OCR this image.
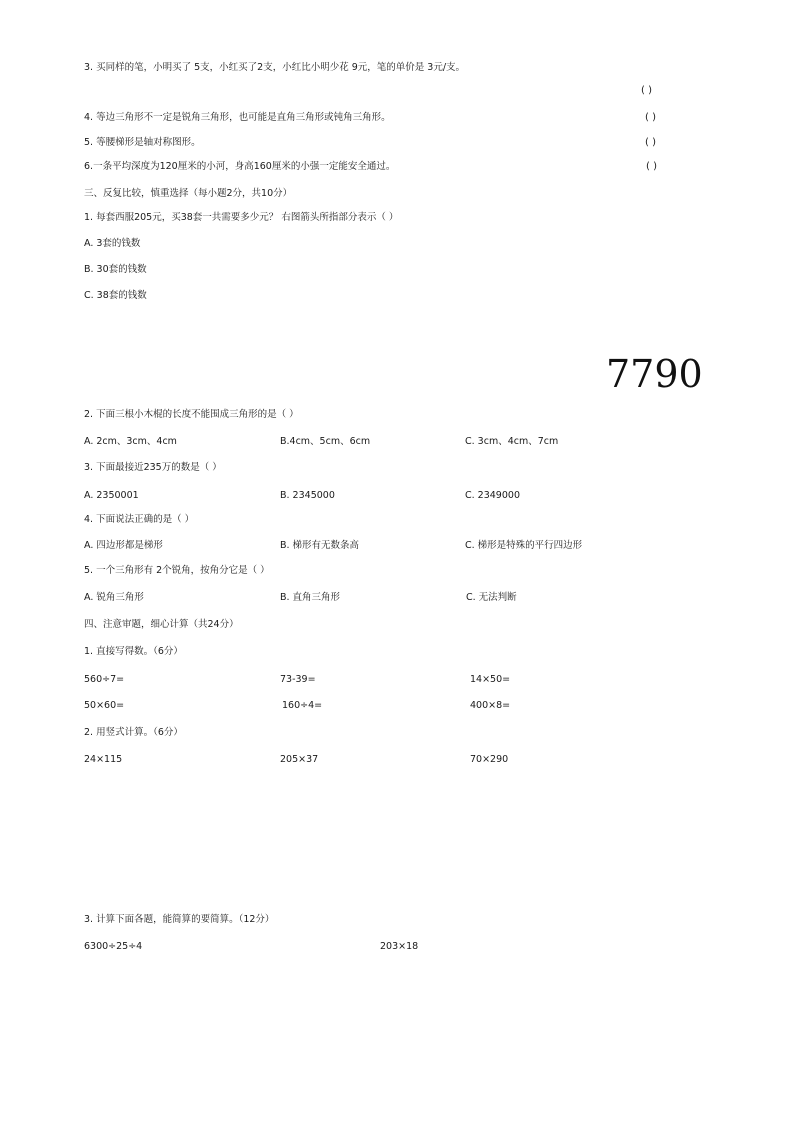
3. 买同样的笔，小明买了 5支，小红买了2支，小红比小明少花 9元，笔的单价是 3元/支。
( )
4. 等边三角形不一定是锐角三角形，也可能是直角三角形或钝角三角形。	( )
5. 等腰梯形是轴对称图形。	( )
6.一条平均深度为120厘米的小河，身高160厘米的小强一定能安全通过。	( )
三、反复比较，慎重选择（每小题2分，共10分）
1. 每套西服205元，买38套一共需要多少元？ 右图箭头所指部分表示（ ）
A. 3套的钱数
B. 30套的钱数
C. 38套的钱数
7790
2. 下面三根小木棍的长度不能围成三角形的是（ ）
A. 2cm、3cm、4cm	B.4cm、5cm、6cm	C. 3cm、4cm、7cm
3. 下面最接近235万的数是（ ）
A. 2350001	B. 2345000	C. 2349000
4. 下面说法正确的是（ ）
A. 四边形都是梯形	B. 梯形有无数条高	C. 梯形是特殊的平行四边形
5. 一个三角形有 2个锐角，按角分它是（ ）
A. 锐角三角形	B. 直角三角形	C. 无法判断
四、注意审题，细心计算（共24分）
1. 直接写得数。（6分）
560÷7=	73-39=	14×50=
50×60=	160÷4=	400×8=
2. 用竖式计算。（6分）
24×115	205×37	70×290
3. 计算下面各题，能简算的要简算。（12分）
6300÷25÷4	203×18
